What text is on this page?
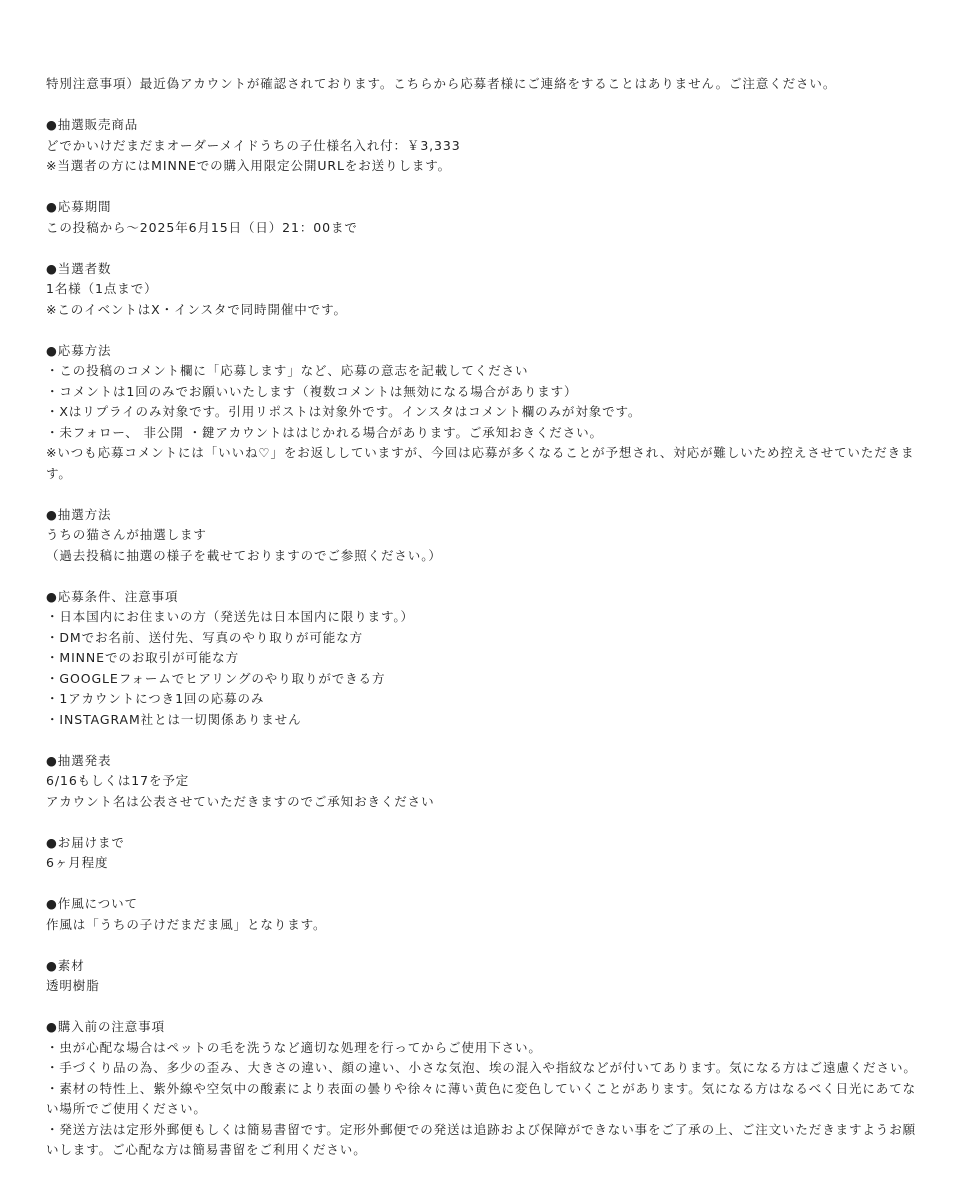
特別注意事項）最近偽アカウントが確認されております。こちらから応募者様にご連絡をすることはありません。ご注意ください。
●抽選販売商品
どでかいけだまだまオーダーメイドうちの子仕様名入れ付：￥3,333
※当選者の方にはMINNEでの購入用限定公開URLをお送りします。
●応募期間
この投稿から〜2025年6月15日（日）21：00まで
●当選者数
1名様（1点まで）
※このイベントはX・インスタで同時開催中です。
●応募方法
・この投稿のコメント欄に「応募します」など、応募の意志を記載してください
・コメントは1回のみでお願いいたします（複数コメントは無効になる場合があります）
・Xはリプライのみ対象です。引用リポストは対象外です。インスタはコメント欄のみが対象です。
・未フォロー、 非公開 ・鍵アカウントははじかれる場合があります。ご承知おきください。
※いつも応募コメントには「いいね♡」をお返ししていますが、今回は応募が多くなることが予想され、対応が難しいため控えさせていただきます。
●抽選方法
うちの猫さんが抽選します
（過去投稿に抽選の様子を載せておりますのでご参照ください。）
●応募条件、注意事項
・日本国内にお住まいの方（発送先は日本国内に限ります。）
・DMでお名前、送付先、写真のやり取りが可能な方
・MINNEでのお取引が可能な方
・GOOGLEフォームでヒアリングのやり取りができる方
・1アカウントにつき1回の応募のみ
・INSTAGRAM社とは一切関係ありません
●抽選発表
6/16もしくは17を予定
アカウント名は公表させていただきますのでご承知おきください
●お届けまで
6ヶ月程度
●作風について
作風は「うちの子けだまだま風」となります。
●素材
透明樹脂
●購入前の注意事項
・虫が心配な場合はペットの毛を洗うなど適切な処理を行ってからご使用下さい。
・手づくり品の為、多少の歪み、大きさの違い、顔の違い、小さな気泡、埃の混入や指紋などが付いてあります。気になる方はご遠慮ください。
・素材の特性上、紫外線や空気中の酸素により表面の曇りや徐々に薄い黄色に変色していくことがあります。気になる方はなるべく日光にあてない場所でご使用ください。
・発送方法は定形外郵便もしくは簡易書留です。定形外郵便での発送は追跡および保障ができない事をご了承の上、ご注文いただきますようお願いします。ご心配な方は簡易書留をご利用ください。
